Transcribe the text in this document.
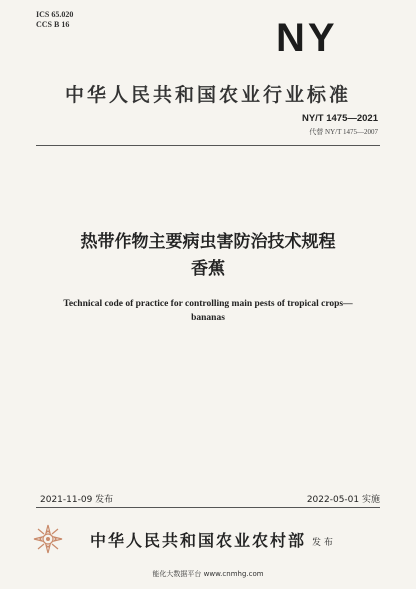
ICS 65.020
CCS B 16	NY
中华人民共和国农业行业标准
NY/T 1475—2021
代替 NY/T 1475—2007
热带作物主要病虫害防治技术规程
香蕉
Technical code of practice for controlling main pests of tropical crops—
bananas
2021-11-09 发布	2022-05-01 实施
中华人民共和国农业农村部 发 布
能化大数据平台 www.cnmhg.com
